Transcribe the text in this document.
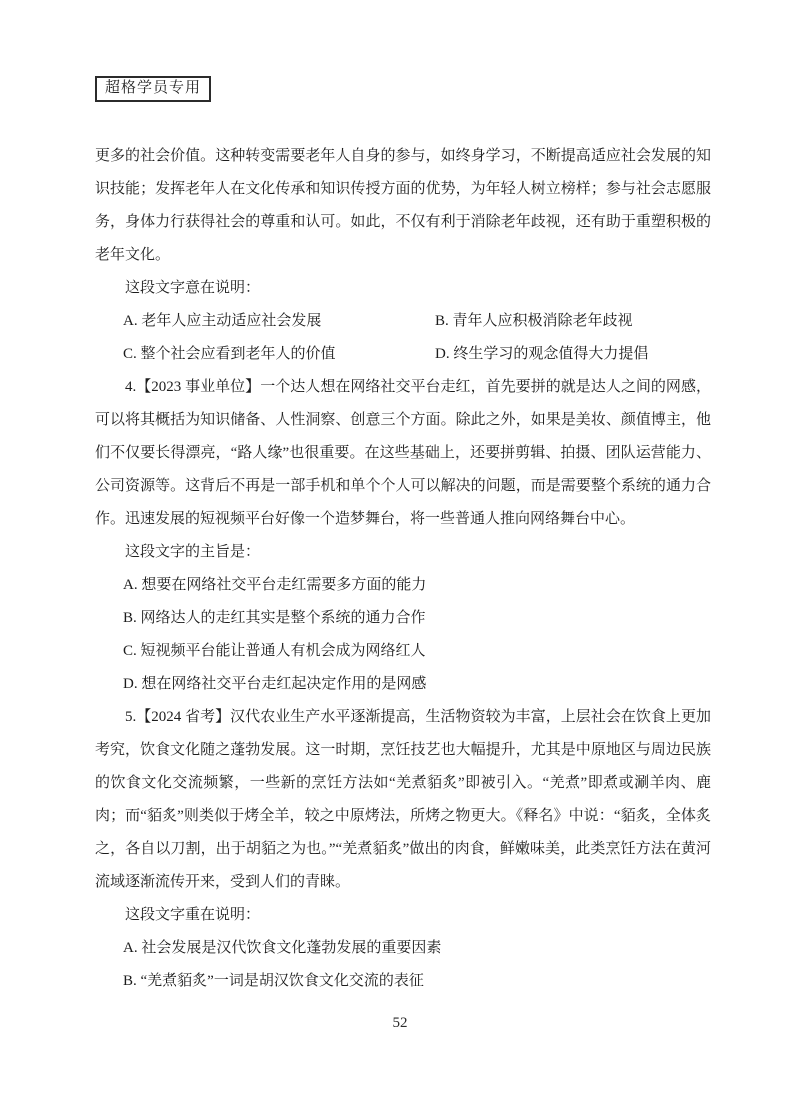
超格学员专用

更多的社会价值。这种转变需要老年人自身的参与，如终身学习，不断提高适应社会发展的知识技能；发挥老年人在文化传承和知识传授方面的优势，为年轻人树立榜样；参与社会志愿服务，身体力行获得社会的尊重和认可。如此，不仅有利于消除老年歧视，还有助于重塑积极的老年文化。

这段文字意在说明：

A. 老年人应主动适应社会发展	B. 青年人应积极消除老年歧视
C. 整个社会应看到老年人的价值	D. 终生学习的观念值得大力提倡

4.【2023 事业单位】一个达人想在网络社交平台走红，首先要拼的就是达人之间的网感，可以将其概括为知识储备、人性洞察、创意三个方面。除此之外，如果是美妆、颜值博主，他们不仅要长得漂亮，“路人缘”也很重要。在这些基础上，还要拼剪辑、拍摄、团队运营能力、公司资源等。这背后不再是一部手机和单个个人可以解决的问题，而是需要整个系统的通力合作。迅速发展的短视频平台好像一个造梦舞台，将一些普通人推向网络舞台中心。

这段文字的主旨是：

A. 想要在网络社交平台走红需要多方面的能力
B. 网络达人的走红其实是整个系统的通力合作
C. 短视频平台能让普通人有机会成为网络红人
D. 想在网络社交平台走红起决定作用的是网感

5.【2024 省考】汉代农业生产水平逐渐提高，生活物资较为丰富，上层社会在饮食上更加考究，饮食文化随之蓬勃发展。这一时期，烹饪技艺也大幅提升，尤其是中原地区与周边民族的饮食文化交流频繁，一些新的烹饪方法如“羌煮貊炙”即被引入。“羌煮”即煮或涮羊肉、鹿肉；而“貊炙”则类似于烤全羊，较之中原烤法，所烤之物更大。《释名》中说：“貊炙，全体炙之，各自以刀割，出于胡貊之为也。”“羌煮貊炙”做出的肉食，鲜嫩味美，此类烹饪方法在黄河流域逐渐流传开来，受到人们的青睐。

这段文字重在说明：

A. 社会发展是汉代饮食文化蓬勃发展的重要因素
B. “羌煮貊炙”一词是胡汉饮食文化交流的表征
52
